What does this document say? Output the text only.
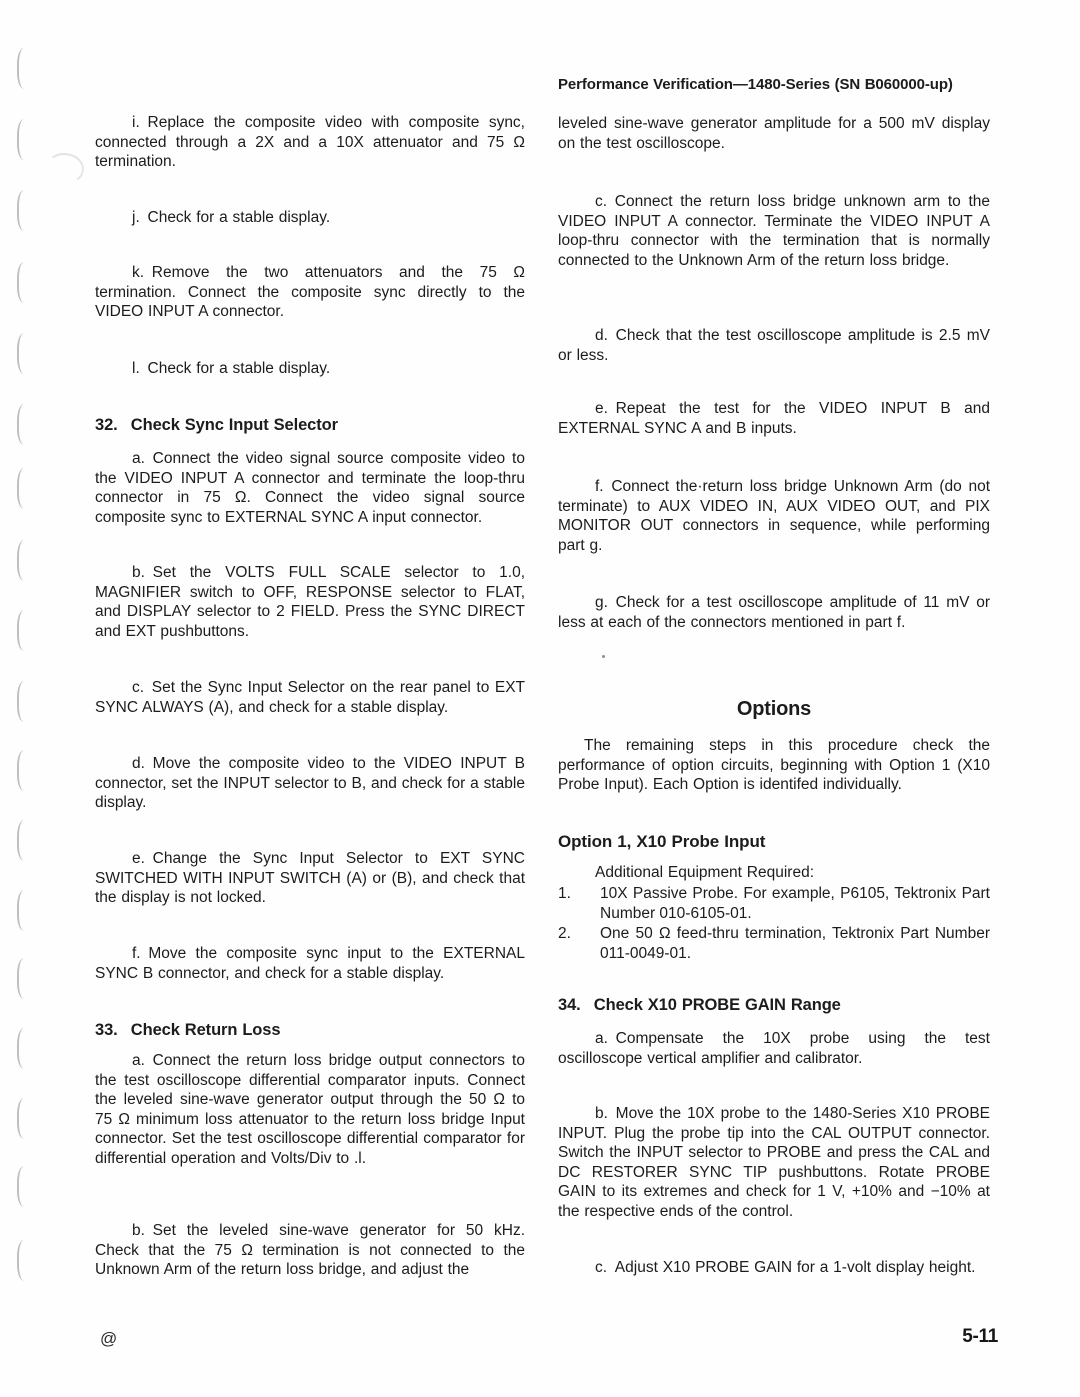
i. Replace the composite video with composite sync, connected through a 2X and a 10X attenuator and 75 Ω termination.

j. Check for a stable display.

k. Remove the two attenuators and the 75 Ω termination. Connect the composite sync directly to the VIDEO INPUT A connector.

l. Check for a stable display.

32.  Check Sync Input Selector

a. Connect the video signal source composite video to the VIDEO INPUT A connector and terminate the loop-thru connector in 75 Ω. Connect the video signal source composite sync to EXTERNAL SYNC A input connector.

b. Set the VOLTS FULL SCALE selector to 1.0, MAGNIFIER switch to OFF, RESPONSE selector to FLAT, and DISPLAY selector to 2 FIELD. Press the SYNC DIRECT and EXT pushbuttons.

c. Set the Sync Input Selector on the rear panel to EXT SYNC ALWAYS (A), and check for a stable display.

d. Move the composite video to the VIDEO INPUT B connector, set the INPUT selector to B, and check for a stable display.

e. Change the Sync Input Selector to EXT SYNC SWITCHED WITH INPUT SWITCH (A) or (B), and check that the display is not locked.

f. Move the composite sync input to the EXTERNAL SYNC B connector, and check for a stable display.

33.  Check Return Loss

a. Connect the return loss bridge output connectors to the test oscilloscope differential comparator inputs. Connect the leveled sine-wave generator output through the 50 Ω to 75 Ω minimum loss attenuator to the return loss bridge Input connector. Set the test oscilloscope differential comparator for differential operation and Volts/Div to .l.

b. Set the leveled sine-wave generator for 50 kHz. Check that the 75 Ω termination is not connected to the Unknown Arm of the return loss bridge, and adjust the

Performance Verification—1480-Series (SN B060000-up)

leveled sine-wave generator amplitude for a 500 mV display on the test oscilloscope.

c. Connect the return loss bridge unknown arm to the VIDEO INPUT A connector. Terminate the VIDEO INPUT A loop-thru connector with the termination that is normally connected to the Unknown Arm of the return loss bridge.

d. Check that the test oscilloscope amplitude is 2.5 mV or less.

e. Repeat the test for the VIDEO INPUT B and EXTERNAL SYNC A and B inputs.

f. Connect the·return loss bridge Unknown Arm (do not terminate) to AUX VIDEO IN, AUX VIDEO OUT, and PIX MONITOR OUT connectors in sequence, while performing part g.

g. Check for a test oscilloscope amplitude of 11 mV or less at each of the connectors mentioned in part f.

Options

The remaining steps in this procedure check the performance of option circuits, beginning with Option 1 (X10 Probe Input). Each Option is identifed individually.

Option 1, X10 Probe Input

Additional Equipment Required:

1.	10X Passive Probe. For example, P6105, Tektronix Part Number 010-6105-01.
2.	One 50 Ω feed-thru termination, Tektronix Part Number 011-0049-01.

34.  Check X10 PROBE GAIN Range

a. Compensate the 10X probe using the test oscilloscope vertical amplifier and calibrator.

b. Move the 10X probe to the 1480-Series X10 PROBE INPUT. Plug the probe tip into the CAL OUTPUT connector. Switch the INPUT selector to PROBE and press the CAL and DC RESTORER SYNC TIP pushbuttons. Rotate PROBE GAIN to its extremes and check for 1 V, +10% and −10% at the respective ends of the control.

c. Adjust X10 PROBE GAIN for a 1-volt display height.

@	5-11
